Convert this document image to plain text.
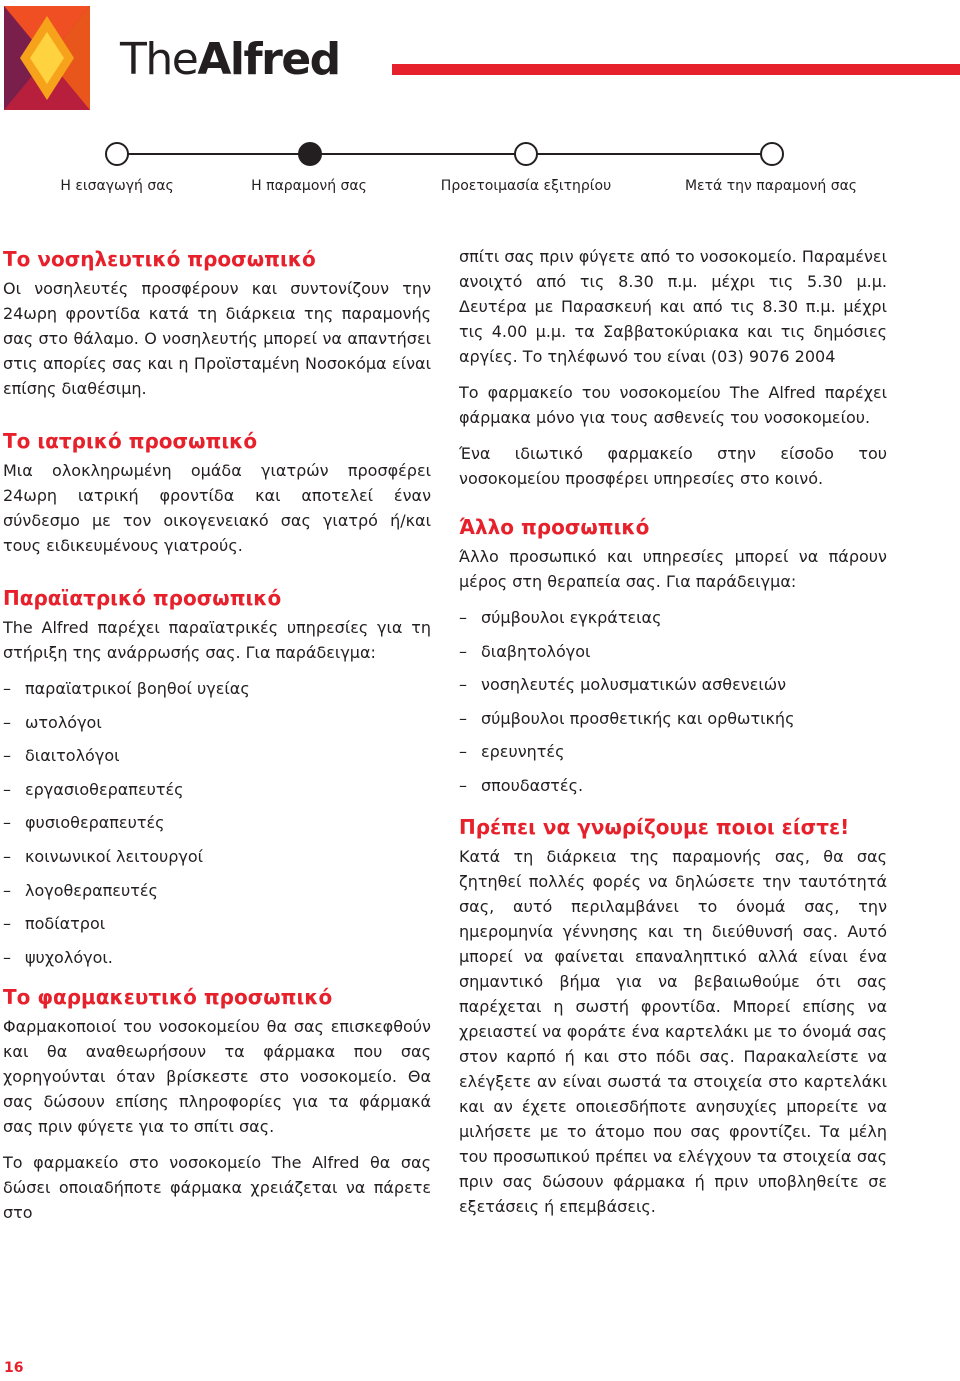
TheAlfred
Η εισαγωγή σας	Η παραμονή σας	Προετοιμασία εξιτηρίου	Μετά την παραμονή σας
Το νοσηλευτικό προσωπικό

Οι νοσηλευτές προσφέρουν και συντονίζουν την 24ωρη φροντίδα κατά τη διάρκεια της παραμονής σας στο θάλαμο. Ο νοσηλευτής μπορεί να απαντήσει στις απορίες σας και η Προϊσταμένη Νοσοκόμα είναι επίσης διαθέσιμη.

Το ιατρικό προσωπικό

Μια ολοκληρωμένη ομάδα γιατρών προσφέρει 24ωρη ιατρική φροντίδα και αποτελεί έναν σύνδεσμο με τον οικογενειακό σας γιατρό ή/και τους ειδικευμένους γιατρούς.

Παραϊατρικό προσωπικό

The Alfred παρέχει παραϊατρικές υπηρεσίες για τη στήριξη της ανάρρωσής σας. Για παράδειγμα:

– παραϊατρικοί βοηθοί υγείας
– ωτολόγοι
– διαιτολόγοι
– εργασιοθεραπευτές
– φυσιοθεραπευτές
– κοινωνικοί λειτουργοί
– λογοθεραπευτές
– ποδίατροι
– ψυχολόγοι.
Το φαρμακευτικό προσωπικό

Φαρμακοποιοί του νοσοκομείου θα σας επισκεφθούν και θα αναθεωρήσουν τα φάρμακα που σας χορηγούνται όταν βρίσκεστε στο νοσοκομείο. Θα σας δώσουν επίσης πληροφορίες για τα φάρμακά σας πριν φύγετε για το σπίτι σας.

Το φαρμακείο στο νοσοκομείο The Alfred θα σας δώσει οποιαδήποτε φάρμακα χρειάζεται να πάρετε στο

σπίτι σας πριν φύγετε από το νοσοκομείο. Παραμένει ανοιχτό από τις 8.30 π.μ. μέχρι τις 5.30 μ.μ. Δευτέρα με Παρασκευή και από τις 8.30 π.μ. μέχρι τις 4.00 μ.μ. τα Σαββατοκύριακα και τις δημόσιες αργίες. Το τηλέφωνό του είναι (03) 9076 2004

Το φαρμακείο του νοσοκομείου The Alfred παρέχει φάρμακα μόνο για τους ασθενείς του νοσοκομείου.

Ένα ιδιωτικό φαρμακείο στην είσοδο του νοσοκομείου προσφέρει υπηρεσίες στο κοινό.

Άλλο προσωπικό

Άλλο προσωπικό και υπηρεσίες μπορεί να πάρουν μέρος στη θεραπεία σας. Για παράδειγμα:

– σύμβουλοι εγκράτειας
– διαβητολόγοι
– νοσηλευτές μολυσματικών ασθενειών
– σύμβουλοι προσθετικής και ορθωτικής
– ερευνητές
– σπουδαστές.
Πρέπει να γνωρίζουμε ποιοι είστε!

Κατά τη διάρκεια της παραμονής σας, θα σας ζητηθεί πολλές φορές να δηλώσετε την ταυτότητά σας, αυτό περιλαμβάνει το όνομά σας, την ημερομηνία γέννησης και τη διεύθυνσή σας. Αυτό μπορεί να φαίνεται επαναληπτικό αλλά είναι ένα σημαντικό βήμα για να βεβαιωθούμε ότι σας παρέχεται η σωστή φροντίδα. Μπορεί επίσης να χρειαστεί να φοράτε ένα καρτελάκι με το όνομά σας στον καρπό ή και στο πόδι σας. Παρακαλείστε να ελέγξετε αν είναι σωστά τα στοιχεία στο καρτελάκι και αν έχετε οποιεσδήποτε ανησυχίες μπορείτε να μιλήσετε με το άτομο που σας φροντίζει. Τα μέλη του προσωπικού πρέπει να ελέγχουν τα στοιχεία σας πριν σας δώσουν φάρμακα ή πριν υποβληθείτε σε εξετάσεις ή επεμβάσεις.

16
